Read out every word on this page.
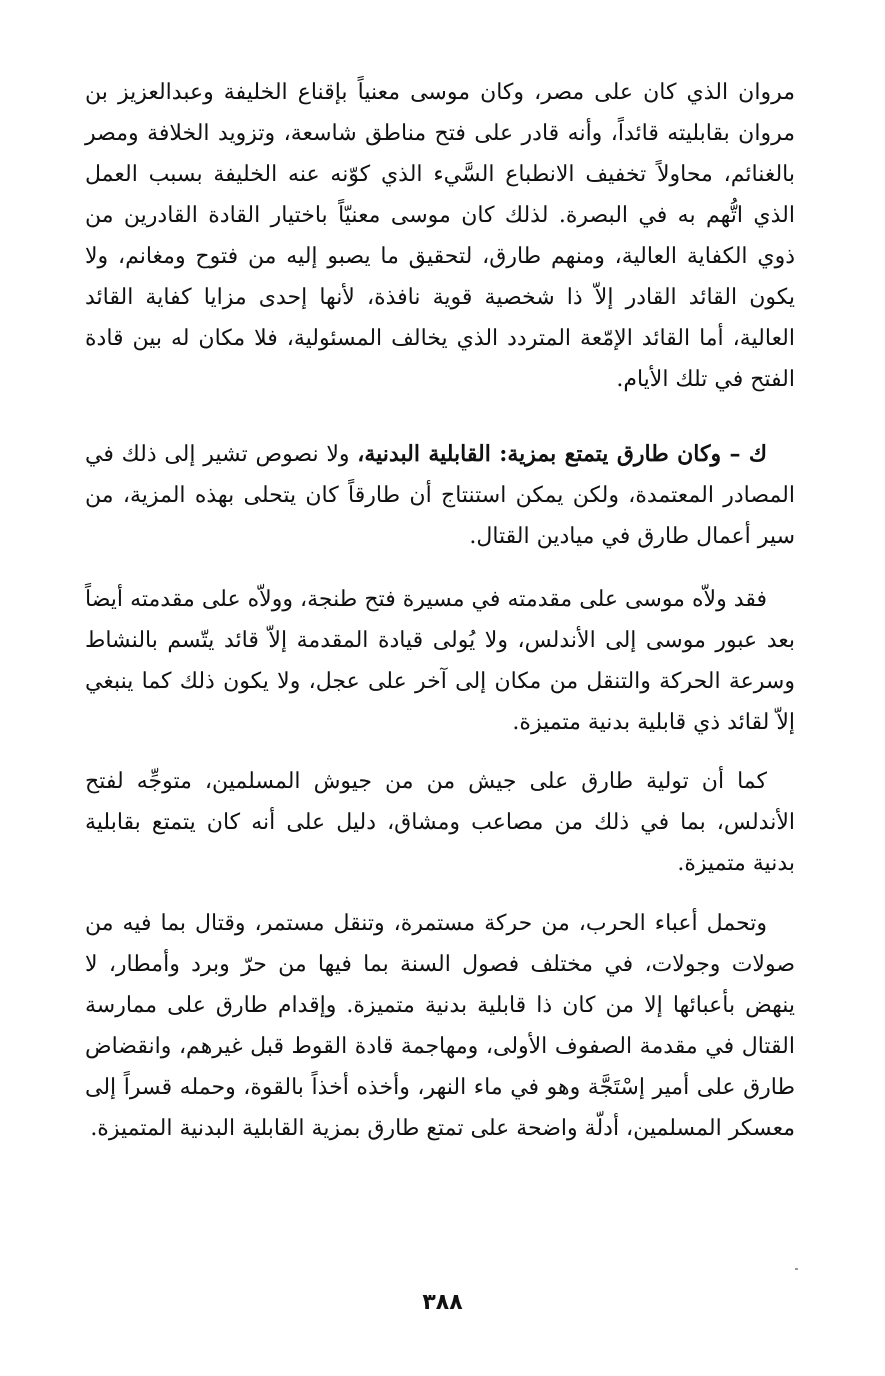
مروان الذي كان على مصر، وكان موسى معنياً بإقناع الخليفة وعبدالعزيز بن مروان بقابليته قائداً، وأنه قادر على فتح مناطق شاسعة، وتزويد الخلافة ومصر بالغنائم، محاولاً تخفيف الانطباع السَّيء الذي كوّنه عنه الخليفة بسبب العمل الذي اتُّهم به في البصرة. لذلك كان موسى معنيّاً باختيار القادة القادرين من ذوي الكفاية العالية، ومنهم طارق، لتحقيق ما يصبو إليه من فتوح ومغانم، ولا يكون القائد القادر إلاّ ذا شخصية قوية نافذة، لأنها إحدى مزايا كفاية القائد العالية، أما القائد الإمّعة المتردد الذي يخالف المسئولية، فلا مكان له بين قادة الفتح في تلك الأيام.

ك – وكان طارق يتمتع بمزية: القابلية البدنية، ولا نصوص تشير إلى ذلك في المصادر المعتمدة، ولكن يمكن استنتاج أن طارقاً كان يتحلى بهذه المزية، من سير أعمال طارق في ميادين القتال.

فقد ولاّه موسى على مقدمته في مسيرة فتح طنجة، وولاّه على مقدمته أيضاً بعد عبور موسى إلى الأندلس، ولا يُولى قيادة المقدمة إلاّ قائد يتّسم بالنشاط وسرعة الحركة والتنقل من مكان إلى آخر على عجل، ولا يكون ذلك كما ينبغي إلاّ لقائد ذي قابلية بدنية متميزة.

كما أن تولية طارق على جيش من من جيوش المسلمين، متوجِّه لفتح الأندلس، بما في ذلك من مصاعب ومشاق، دليل على أنه كان يتمتع بقابلية بدنية متميزة.

وتحمل أعباء الحرب، من حركة مستمرة، وتنقل مستمر، وقتال بما فيه من صولات وجولات، في مختلف فصول السنة بما فيها من حرّ وبرد وأمطار، لا ينهض بأعبائها إلا من كان ذا قابلية بدنية متميزة. وإقدام طارق على ممارسة القتال في مقدمة الصفوف الأولى، ومهاجمة قادة القوط قبل غيرهم، وانقضاض طارق على أمير إسْتَجَّة وهو في ماء النهر، وأخذه أخذاً بالقوة، وحمله قسراً إلى معسكر المسلمين، أدلّة واضحة على تمتع طارق بمزية القابلية البدنية المتميزة.

٣٨٨
